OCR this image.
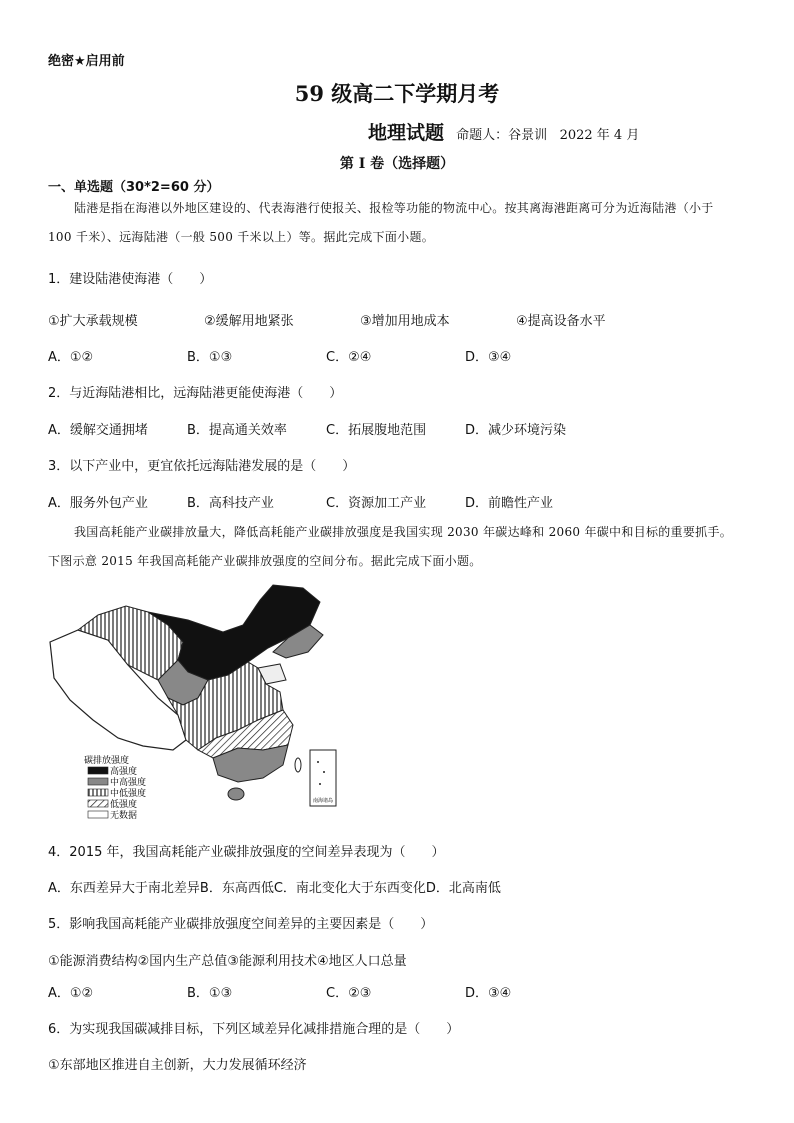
绝密★启用前
59 级高二下学期月考
地理试题 命题人：谷景训 2022 年 4 月
第 I 卷（选择题）
一、单选题（30*2=60 分）
陆港是指在海港以外地区建设的、代表海港行使报关、报检等功能的物流中心。按其离海港距离可分为近海陆港（小于 100 千米）、远海陆港（一般 500 千米以上）等。据此完成下面小题。
1．建设陆港使海港（　　）
①扩大承载规模	②缓解用地紧张	③增加用地成本	④提高设备水平
A．①②	B．①③	C．②④	D．③④
2．与近海陆港相比，远海陆港更能使海港（　　）
A．缓解交通拥堵	B．提高通关效率	C．拓展腹地范围	D．减少环境污染
3．以下产业中，更宜依托远海陆港发展的是（　　）
A．服务外包产业	B．高科技产业	C．资源加工产业	D．前瞻性产业
我国高耗能产业碳排放量大，降低高耗能产业碳排放强度是我国实现 2030 年碳达峰和 2060 年碳中和目标的重要抓手。下图示意 2015 年我国高耗能产业碳排放强度的空间分布。据此完成下面小题。
南海诸岛
碳排放强度
高强度
中高强度
中低强度
低强度
无数据
4．2015 年，我国高耗能产业碳排放强度的空间差异表现为（　　）
A．东西差异大于南北差异B．东高西低C．南北变化大于东西变化D．北高南低
5．影响我国高耗能产业碳排放强度空间差异的主要因素是（　　）
①能源消费结构②国内生产总值③能源利用技术④地区人口总量
A．①②	B．①③	C．②③	D．③④
6．为实现我国碳减排目标，下列区域差异化减排措施合理的是（　　）
①东部地区推进自主创新，大力发展循环经济
